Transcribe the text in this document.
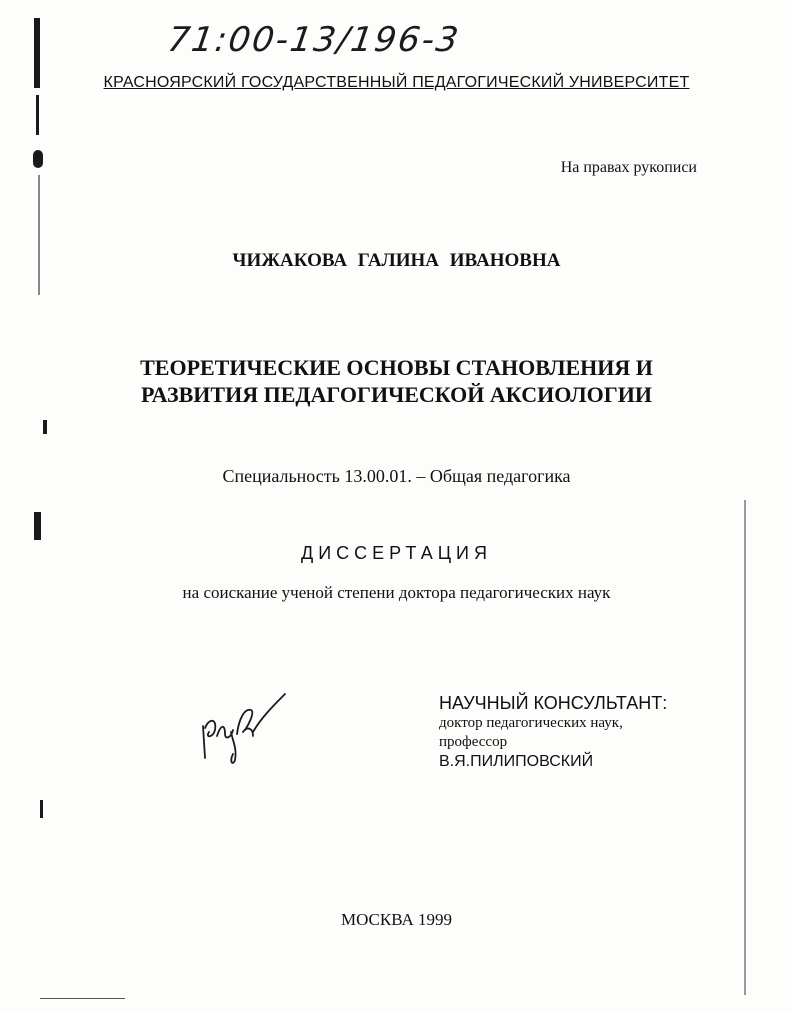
71:00-13/196-3
КРАСНОЯРСКИЙ ГОСУДАРСТВЕННЫЙ ПЕДАГОГИЧЕСКИЙ УНИВЕРСИТЕТ
На правах рукописи
ЧИЖАКОВА ГАЛИНА ИВАНОВНА
ТЕОРЕТИЧЕСКИЕ ОСНОВЫ СТАНОВЛЕНИЯ И
РАЗВИТИЯ ПЕДАГОГИЧЕСКОЙ АКСИОЛОГИИ
Специальность 13.00.01. – Общая педагогика
ДИССЕРТАЦИЯ
на соискание ученой степени доктора педагогических наук
НАУЧНЫЙ КОНСУЛЬТАНТ:
доктор педагогических наук,
профессор
В.Я.ПИЛИПОВСКИЙ
МОСКВА 1999
